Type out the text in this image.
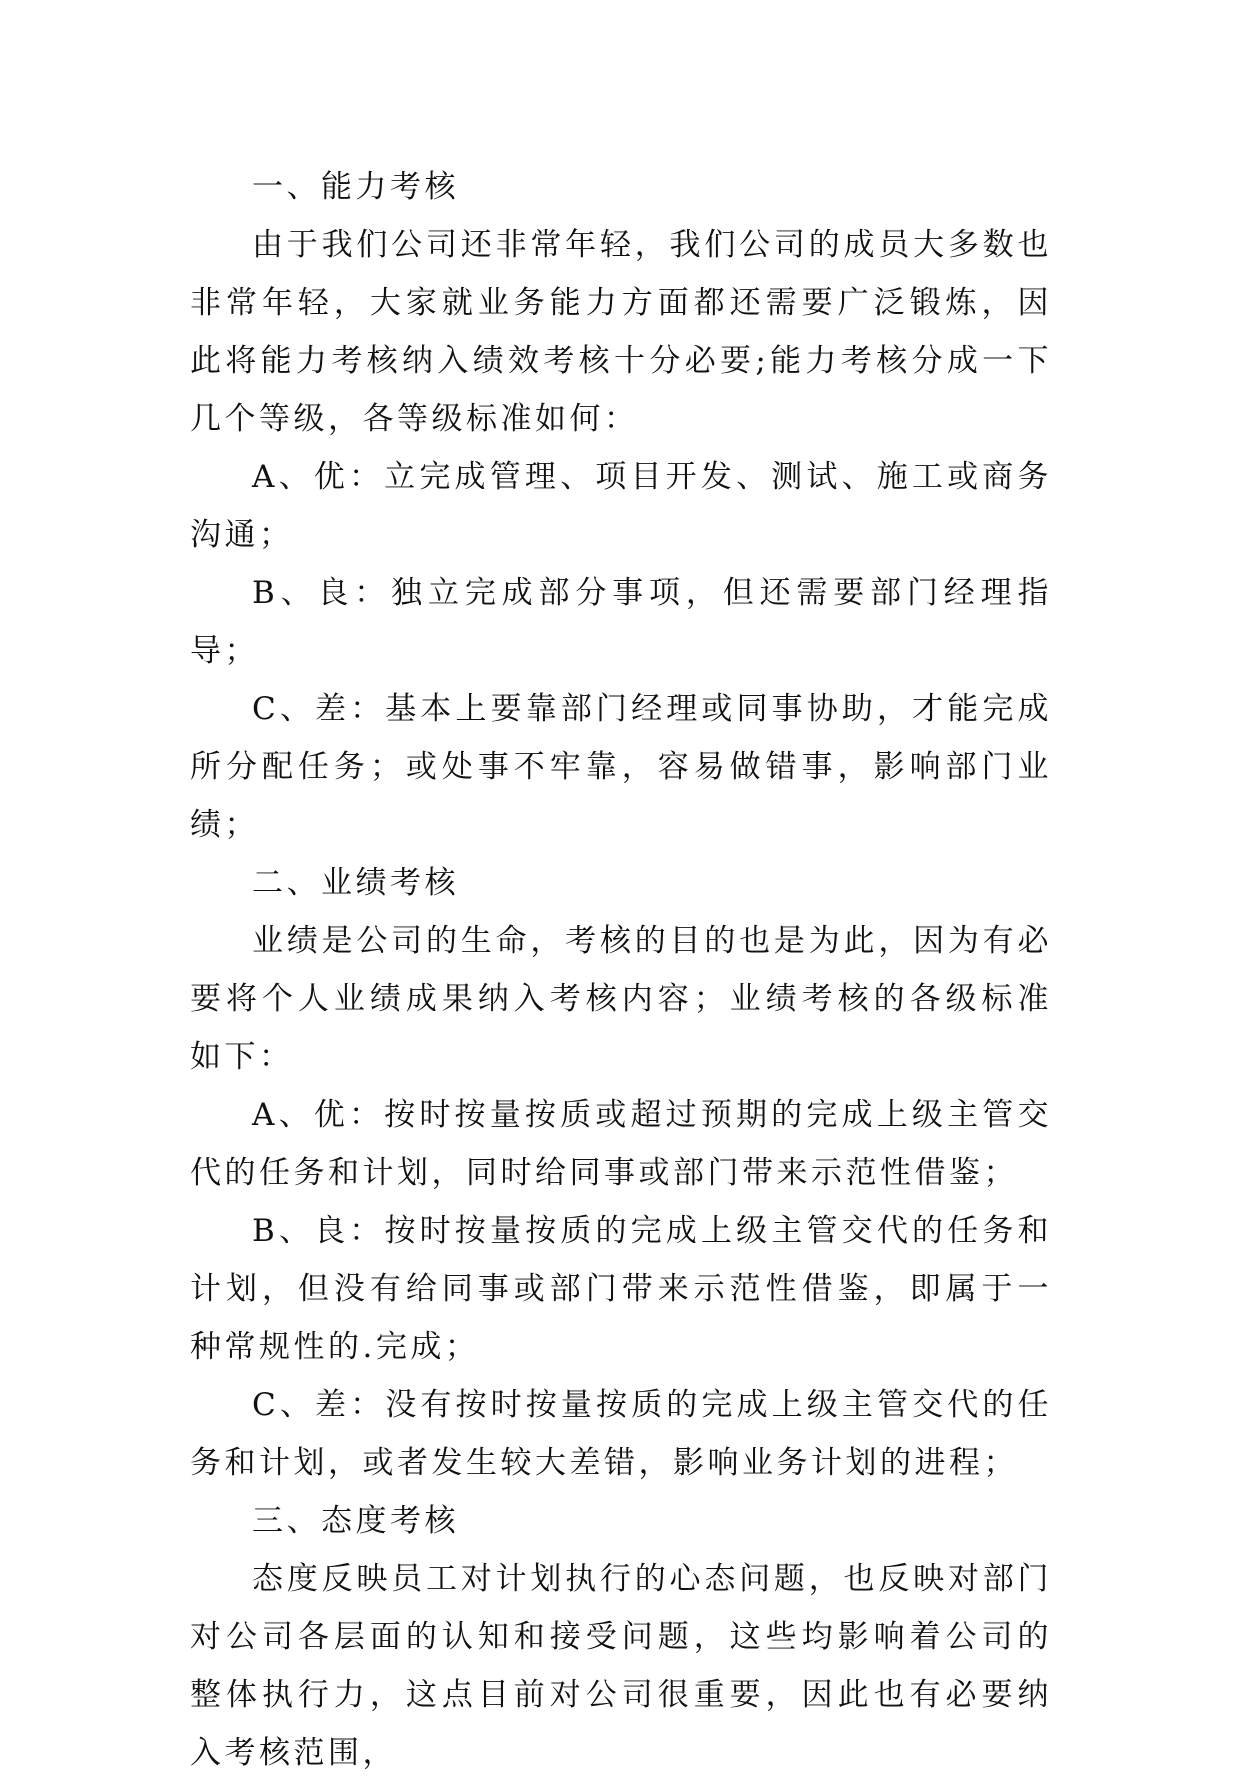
一、能力考核

由于我们公司还非常年轻，我们公司的成员大多数也非常年轻，大家就业务能力方面都还需要广泛锻炼，因此将能力考核纳入绩效考核十分必要;能力考核分成一下几个等级，各等级标准如何：

A、优：立完成管理、项目开发、测试、施工或商务沟通；

B、良：独立完成部分事项，但还需要部门经理指导；

C、差：基本上要靠部门经理或同事协助，才能完成所分配任务；或处事不牢靠，容易做错事，影响部门业绩；

二、业绩考核

业绩是公司的生命，考核的目的也是为此，因为有必要将个人业绩成果纳入考核内容；业绩考核的各级标准如下：

A、优：按时按量按质或超过预期的完成上级主管交代的任务和计划，同时给同事或部门带来示范性借鉴；

B、良：按时按量按质的完成上级主管交代的任务和计划，但没有给同事或部门带来示范性借鉴，即属于一种常规性的.完成；

C、差：没有按时按量按质的完成上级主管交代的任务和计划，或者发生较大差错，影响业务计划的进程；

三、态度考核

态度反映员工对计划执行的心态问题，也反映对部门对公司各层面的认知和接受问题，这些均影响着公司的整体执行力，这点目前对公司很重要，因此也有必要纳入考核范围，
